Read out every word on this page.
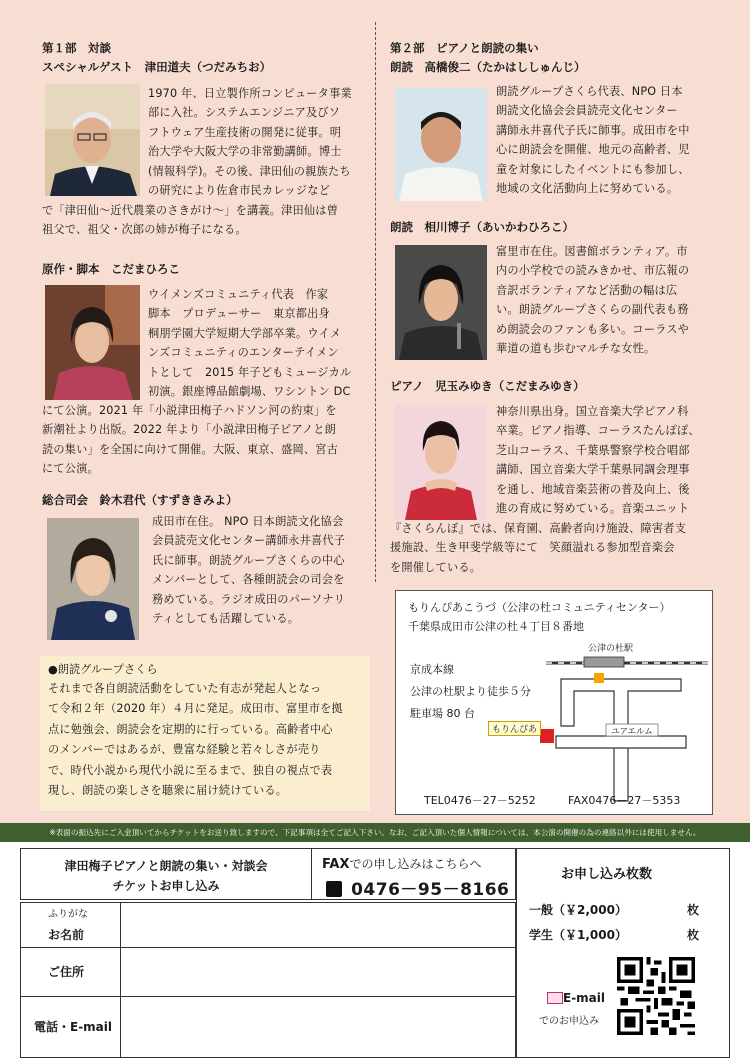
第１部　対談
スペシャルゲスト　津田道夫（つだみちお）
1970 年、日立製作所コンピュータ事業
部に入社。システムエンジニア及びソ
フトウェア生産技術の開発に従事。明
治大学や大阪大学の非常勤講師。博士
(情報科学)。その後、津田仙の親族たち
の研究により佐倉市民カレッジなど
で「津田仙～近代農業のさきがけ～」を講義。津田仙は曽
祖父で、祖父・次郎の姉が梅子になる。
原作・脚本　こだまひろこ
ウイメンズコミュニティ代表　作家
脚本　プロデューサー　東京都出身
桐朋学園大学短期大学部卒業。ウイメ
ンズコミュニティのエンターテイメン
トとして　2015 年子どもミュージカル
初演。銀座博品館劇場、ワシントン DC
にて公演。2021 年「小説津田梅子ハドソン河の約束」を
新潮社より出版。2022 年より「小説津田梅子ピアノと朗
読の集い」を全国に向けて開催。大阪、東京、盛岡、宮古
にて公演。
総合司会　鈴木君代（すずききみよ）
成田市在住。 NPO 日本朗読文化協会
会員読売文化センター講師永井喜代子
氏に師事。朗読グループさくらの中心
メンバーとして、各種朗読会の司会を
務めている。ラジオ成田のパーソナリ
ティとしても活躍している。
●朗読グループさくら
それまで各自朗読活動をしていた有志が発起人となっ
て令和２年（2020 年）４月に発足。成田市、富里市を拠
点に勉強会、朗読会を定期的に行っている。高齢者中心
のメンバーではあるが、豊富な経験と若々しさが売り
で、時代小説から現代小説に至るまで、独自の視点で表
現し、朗読の楽しさを聴衆に届け続けている。
第２部　ピアノと朗読の集い
朗読　高橋俊二（たかはししゅんじ）
朗読グループさくら代表、NPO 日本
朗読文化協会会員読売文化センター
講師永井喜代子氏に師事。成田市を中
心に朗読会を開催、地元の高齢者、児
童を対象にしたイベントにも参加し、
地域の文化活動向上に努めている。
朗読　相川博子（あいかわひろこ）
富里市在住。図書館ボランティア。市
内の小学校での読みきかせ、市広報の
音訳ボランティアなど活動の幅は広
い。朗読グループさくらの副代表も務
め朗読会のファンも多い。コーラスや
華道の道も歩むマルチな女性。
ピアノ　児玉みゆき（こだまみゆき）
神奈川県出身。国立音楽大学ピアノ科
卒業。ピアノ指導、コーラスたんぽぽ、
芝山コーラス、千葉県警察学校合唱部
講師、国立音楽大学千葉県同調会理事
を通し、地域音楽芸術の普及向上、後
進の育成に努めている。音楽ユニット
『さくらんぼ』では、保育園、高齢者向け施設、障害者支
援施設、生き甲斐学級等にて　笑顔溢れる参加型音楽会
を開催している。
もりんぴあこうづ（公津の杜コミュニティセンター）
千葉県成田市公津の杜４丁目８番地
公津の杜駅
京成本線
公津の杜駅より徒歩５分
駐車場 80 台
ユアエルム
もりんぴあ
TEL0476－27－5252	FAX0476－27－5353
※表面の振込先にご入金頂いてからチケットをお送り致しますので、下記事項は全てご記入下さい。なお、ご記入頂いた個人情報については、本公演の開催の為の連絡以外には使用しません。
津田梅子ピアノと朗読の集い・対談会
チケットお申し込み
FAXでの申し込みはこちらへ
0476－95－8166
お申し込み枚数
一般（￥2,000）	枚
学生（￥1,000）	枚
E-mail
でのお申込み
ふりがな
お名前
ご住所
電話・E-mail
